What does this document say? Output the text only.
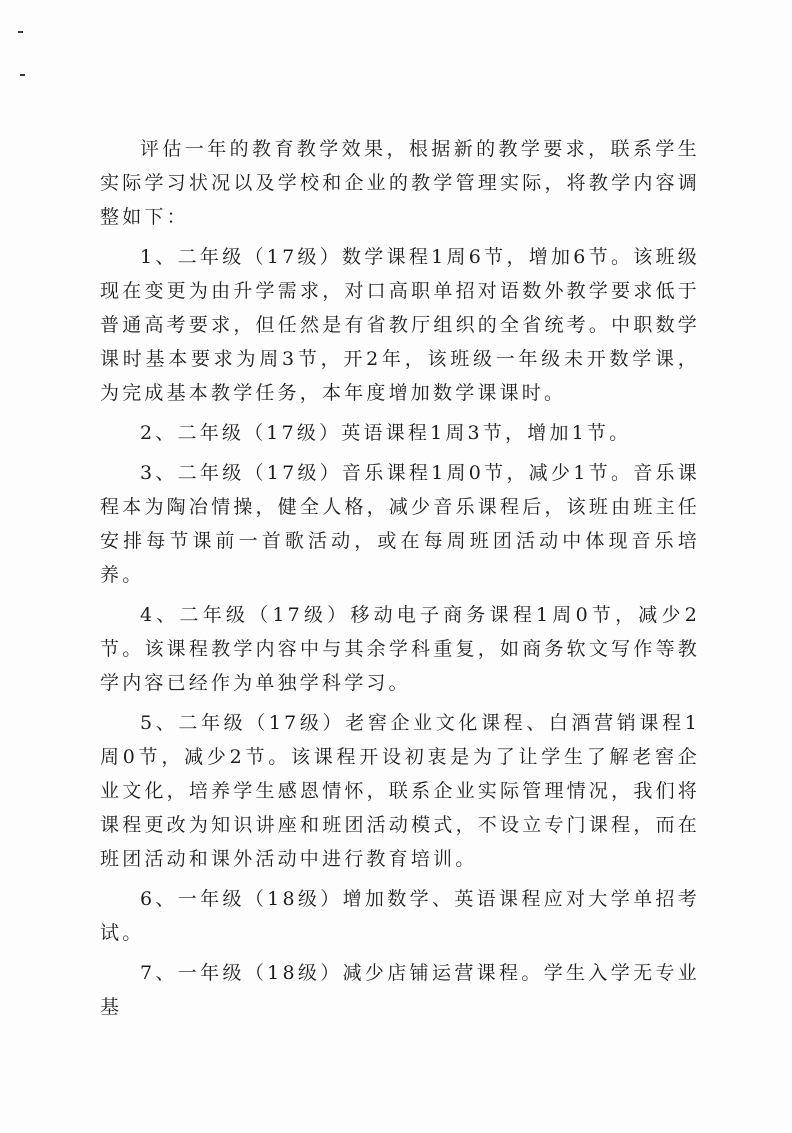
评估一年的教育教学效果，根据新的教学要求，联系学生实际学习状况以及学校和企业的教学管理实际，将教学内容调整如下：

1、二年级（17级）数学课程1周6节，增加6节。该班级现在变更为由升学需求，对口高职单招对语数外教学要求低于普通高考要求，但任然是有省教厅组织的全省统考。中职数学课时基本要求为周3节，开2年，该班级一年级未开数学课，为完成基本教学任务，本年度增加数学课课时。

2、二年级（17级）英语课程1周3节，增加1节。

3、二年级（17级）音乐课程1周0节，减少1节。音乐课程本为陶冶情操，健全人格，减少音乐课程后，该班由班主任安排每节课前一首歌活动，或在每周班团活动中体现音乐培养。

4、二年级（17级）移动电子商务课程1周0节，减少2节。该课程教学内容中与其余学科重复，如商务软文写作等教学内容已经作为单独学科学习。

5、二年级（17级）老窖企业文化课程、白酒营销课程1周0节，减少2节。该课程开设初衷是为了让学生了解老窖企业文化，培养学生感恩情怀，联系企业实际管理情况，我们将课程更改为知识讲座和班团活动模式，不设立专门课程，而在班团活动和课外活动中进行教育培训。

6、一年级（18级）增加数学、英语课程应对大学单招考试。

7、一年级（18级）减少店铺运营课程。学生入学无专业基
